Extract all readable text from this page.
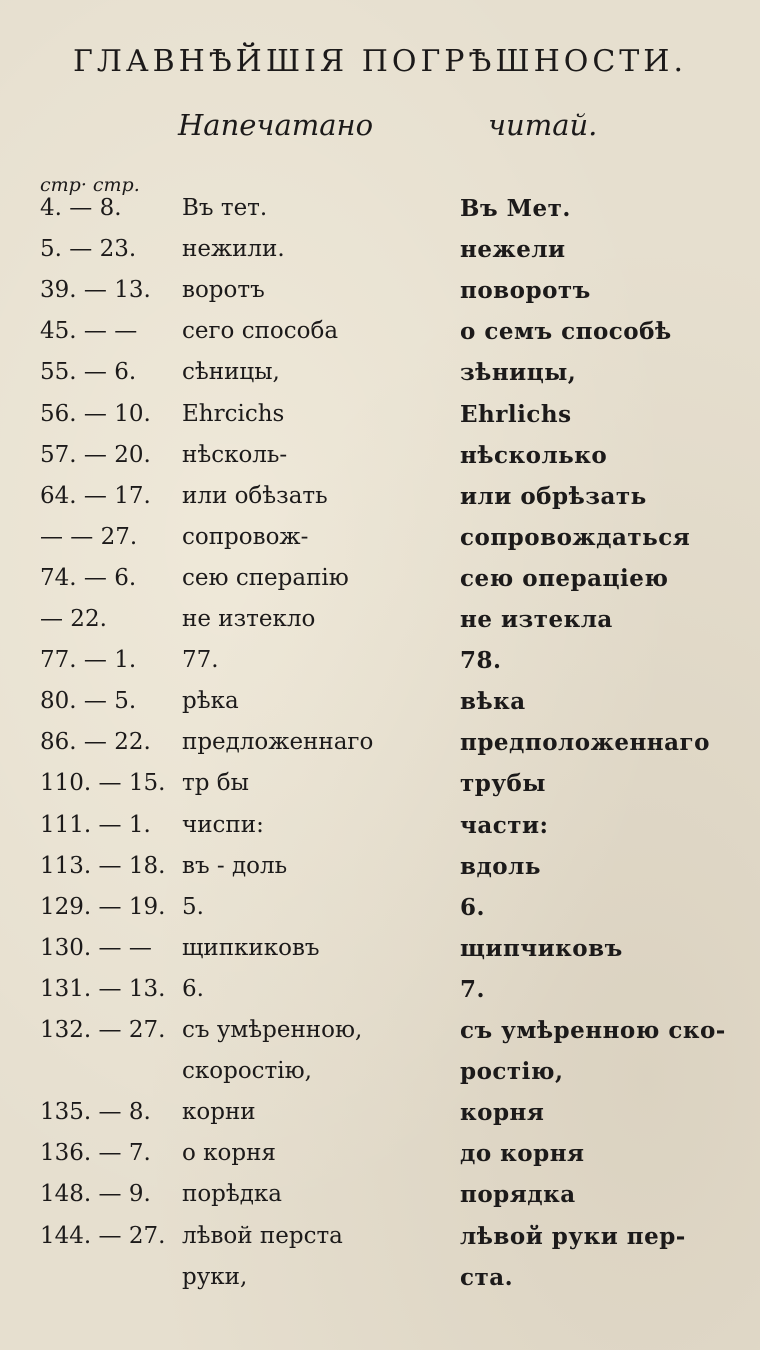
ГЛАВНѢЙШІЯ ПОГРѢШНОСТИ.
Напечатано	читай.
стр· стр.
4. — 8.	Въ тет.	Въ Мет.
5. — 23. нежили.	нежели
39. — 13. воротъ	поворотъ
45. — — сего способа	о семъ способѣ
55. — 6. сѣницы,	зѣницы,
56. — 10. Ehrcichs	Ehrlichs
57. — 20. нѣсколь-	нѣсколько
64. — 17. или обѣзать	или обрѣзать
— — 27. сопровож-	сопровождаться
74. — 6. сею сперапію	сею операціею
— 22.	не изтекло	не изтекла
77. — 1. 77.	78.
80. — 5. рѣка	вѣка
86. — 22. предложеннаго	предположеннаго
110. — 15. тр бы	трубы
111. — 1. чиспи:	части:
113. — 18. въ - доль	вдоль
129. — 19. 5.	6.
130. — — щипкиковъ	щипчиковъ
131. — 13. 6.	7.
132. — 27. съ умѣренною,	съ умѣренною ско-
скоростію,	ростію,
135. — 8. корни	корня
136. — 7. о корня	до корня
148. — 9. порѣдка	порядка
144. — 27. лѣвой перста	лѣвой руки пер-
руки,	ста.
